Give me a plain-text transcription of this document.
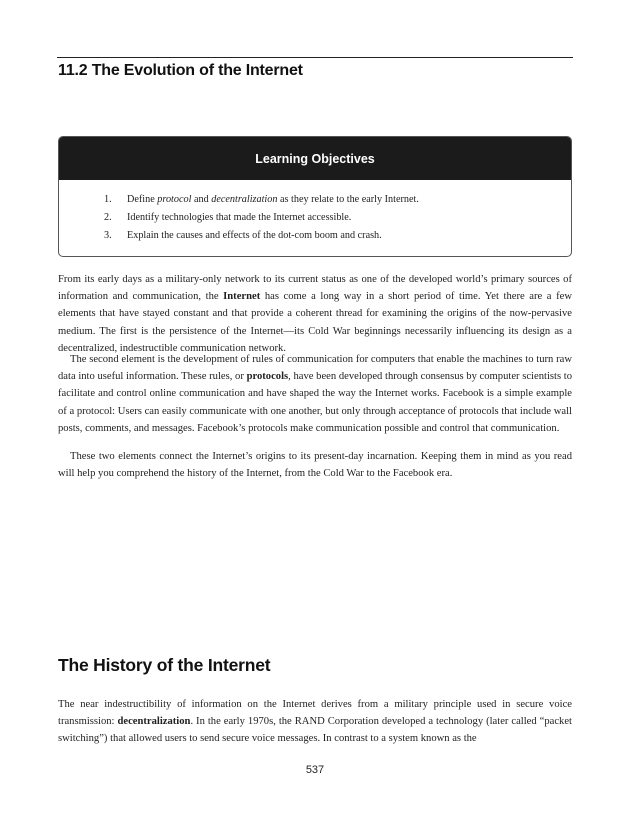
11.2 The Evolution of the Internet
Learning Objectives
1. Define protocol and decentralization as they relate to the early Internet.
2. Identify technologies that made the Internet accessible.
3. Explain the causes and effects of the dot-com boom and crash.

From its early days as a military-only network to its current status as one of the developed world’s primary sources of information and communication, the Internet has come a long way in a short period of time. Yet there are a few elements that have stayed constant and that provide a coherent thread for examining the origins of the now-pervasive medium. The first is the persistence of the Internet—its Cold War beginnings necessarily influencing its design as a decentralized, indestructible communication network.

The second element is the development of rules of communication for computers that enable the machines to turn raw data into useful information. These rules, or protocols, have been developed through consensus by computer scientists to facilitate and control online communication and have shaped the way the Internet works. Facebook is a simple example of a protocol: Users can easily communicate with one another, but only through acceptance of protocols that include wall posts, comments, and messages. Facebook’s protocols make communication possible and control that communication.

These two elements connect the Internet’s origins to its present-day incarnation. Keeping them in mind as you read will help you comprehend the history of the Internet, from the Cold War to the Facebook era.

The History of the Internet

The near indestructibility of information on the Internet derives from a military principle used in secure voice transmission: decentralization. In the early 1970s, the RAND Corporation developed a technology (later called “packet switching”) that allowed users to send secure voice messages. In contrast to a system known as the

537
